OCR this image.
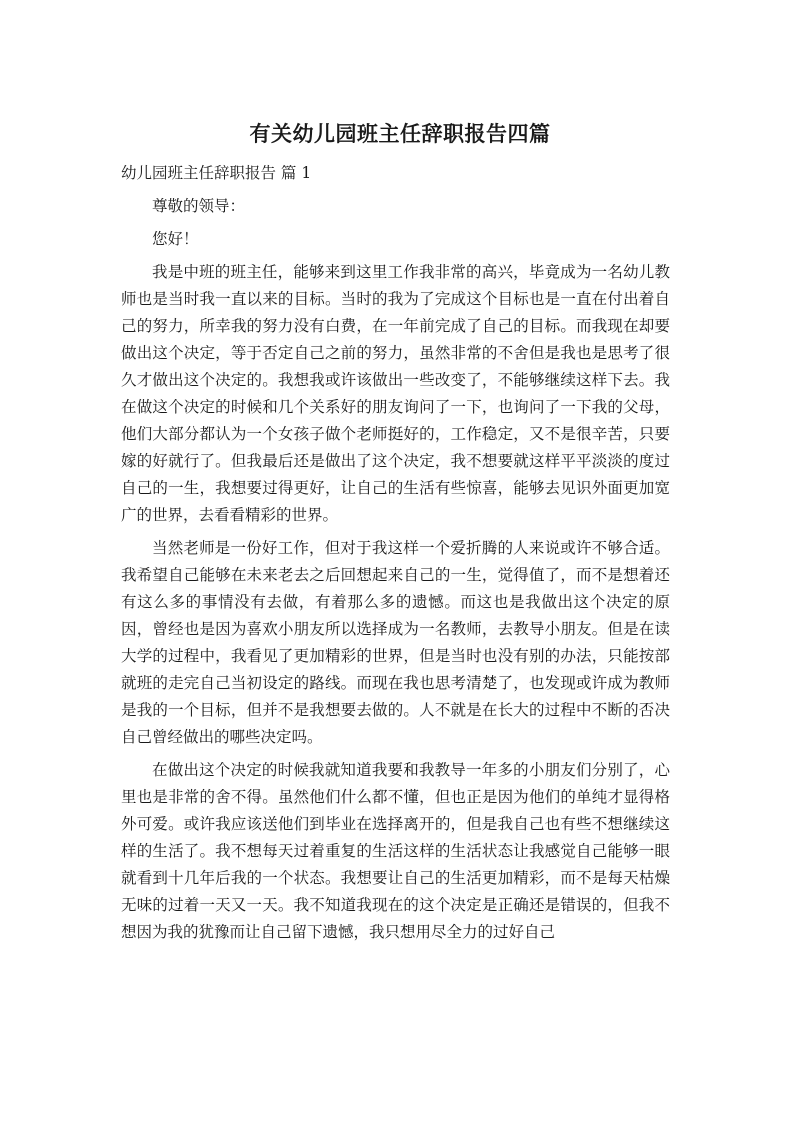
有关幼儿园班主任辞职报告四篇
幼儿园班主任辞职报告 篇 1

尊敬的领导：

您好！

我是中班的班主任，能够来到这里工作我非常的高兴，毕竟成为一名幼儿教师也是当时我一直以来的目标。当时的我为了完成这个目标也是一直在付出着自己的努力，所幸我的努力没有白费，在一年前完成了自己的目标。而我现在却要做出这个决定，等于否定自己之前的努力，虽然非常的不舍但是我也是思考了很久才做出这个决定的。我想我或许该做出一些改变了，不能够继续这样下去。我在做这个决定的时候和几个关系好的朋友询问了一下，也询问了一下我的父母，他们大部分都认为一个女孩子做个老师挺好的，工作稳定，又不是很辛苦，只要嫁的好就行了。但我最后还是做出了这个决定，我不想要就这样平平淡淡的度过自己的一生，我想要过得更好，让自己的生活有些惊喜，能够去见识外面更加宽广的世界，去看看精彩的世界。

当然老师是一份好工作，但对于我这样一个爱折腾的人来说或许不够合适。我希望自己能够在未来老去之后回想起来自己的一生，觉得值了，而不是想着还有这么多的事情没有去做，有着那么多的遗憾。而这也是我做出这个决定的原因，曾经也是因为喜欢小朋友所以选择成为一名教师，去教导小朋友。但是在读大学的过程中，我看见了更加精彩的世界，但是当时也没有别的办法，只能按部就班的走完自己当初设定的路线。而现在我也思考清楚了，也发现或许成为教师是我的一个目标，但并不是我想要去做的。人不就是在长大的过程中不断的否决自己曾经做出的哪些决定吗。

在做出这个决定的时候我就知道我要和我教导一年多的小朋友们分别了，心里也是非常的舍不得。虽然他们什么都不懂，但也正是因为他们的单纯才显得格外可爱。或许我应该送他们到毕业在选择离开的，但是我自己也有些不想继续这样的生活了。我不想每天过着重复的生活这样的生活状态让我感觉自己能够一眼就看到十几年后我的一个状态。我想要让自己的生活更加精彩，而不是每天枯燥无味的过着一天又一天。我不知道我现在的这个决定是正确还是错误的，但我不想因为我的犹豫而让自己留下遗憾，我只想用尽全力的过好自己
